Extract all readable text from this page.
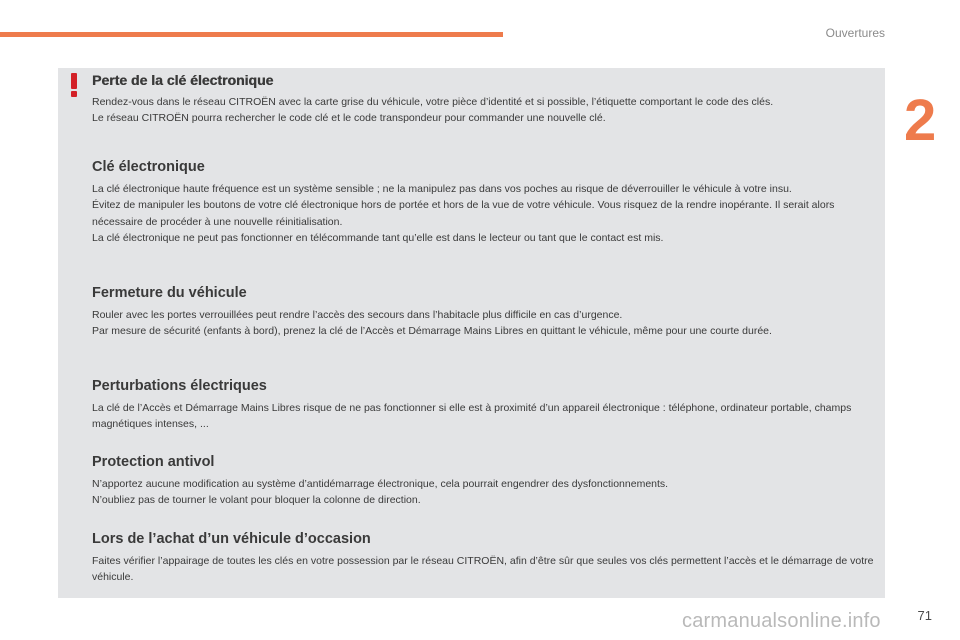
Ouvertures
2
Perte de la clé électronique

Rendez-vous dans le réseau CITROËN avec la carte grise du véhicule, votre pièce d’identité et si possible, l’étiquette comportant le code des clés.

Le réseau CITROËN pourra rechercher le code clé et le code transpondeur pour commander une nouvelle clé.

Clé électronique

La clé électronique haute fréquence est un système sensible ; ne la manipulez pas dans vos poches au risque de déverrouiller le véhicule à votre insu.

Évitez de manipuler les boutons de votre clé électronique hors de portée et hors de la vue de votre véhicule. Vous risquez de la rendre inopérante. Il serait alors nécessaire de procéder à une nouvelle réinitialisation.

La clé électronique ne peut pas fonctionner en télécommande tant qu’elle est dans le lecteur ou tant que le contact est mis.

Fermeture du véhicule

Rouler avec les portes verrouillées peut rendre l’accès des secours dans l’habitacle plus difficile en cas d’urgence.

Par mesure de sécurité (enfants à bord), prenez la clé de l’Accès et Démarrage Mains Libres en quittant le véhicule, même pour une courte durée.

Perturbations électriques

La clé de l’Accès et Démarrage Mains Libres risque de ne pas fonctionner si elle est à proximité d’un appareil électronique : téléphone, ordinateur portable, champs magnétiques intenses, ...

Protection antivol

N’apportez aucune modification au système d’antidémarrage électronique, cela pourrait engendrer des dysfonctionnements.

N’oubliez pas de tourner le volant pour bloquer la colonne de direction.

Lors de l’achat d’un véhicule d’occasion

Faites vérifier l’appairage de toutes les clés en votre possession par le réseau CITROËN, afin d’être sûr que seules vos clés permettent l’accès et le démarrage de votre véhicule.

71
carmanualsonline.info
